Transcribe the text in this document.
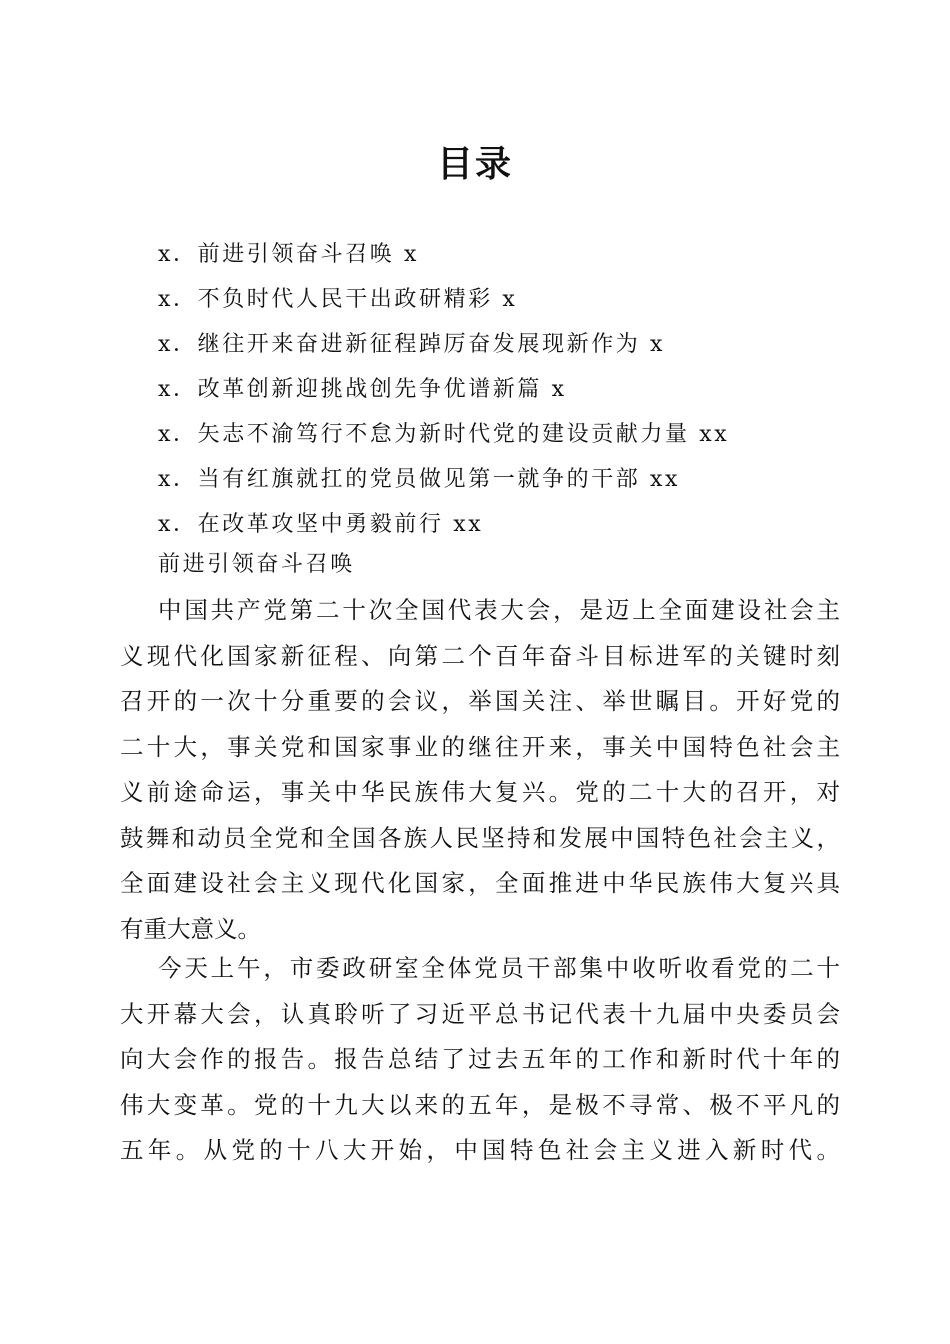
目录
x．前进引领奋斗召唤 x
x．不负时代人民干出政研精彩 x
x．继往开来奋进新征程踔厉奋发展现新作为 x
x．改革创新迎挑战创先争优谱新篇 x
x．矢志不渝笃行不怠为新时代党的建设贡献力量 xx
x．当有红旗就扛的党员做见第一就争的干部 xx
x．在改革攻坚中勇毅前行 xx

前进引领奋斗召唤

中国共产党第二十次全国代表大会，是迈上全面建设社会主
义现代化国家新征程、向第二个百年奋斗目标进军的关键时刻
召开的一次十分重要的会议，举国关注、举世瞩目。开好党的
二十大，事关党和国家事业的继往开来，事关中国特色社会主
义前途命运，事关中华民族伟大复兴。党的二十大的召开，对
鼓舞和动员全党和全国各族人民坚持和发展中国特色社会主义，
全面建设社会主义现代化国家，全面推进中华民族伟大复兴具
有重大意义。
今天上午，市委政研室全体党员干部集中收听收看党的二十
大开幕大会，认真聆听了习近平总书记代表十九届中央委员会
向大会作的报告。报告总结了过去五年的工作和新时代十年的
伟大变革。党的十九大以来的五年，是极不寻常、极不平凡的
五年。从党的十八大开始，中国特色社会主义进入新时代。
